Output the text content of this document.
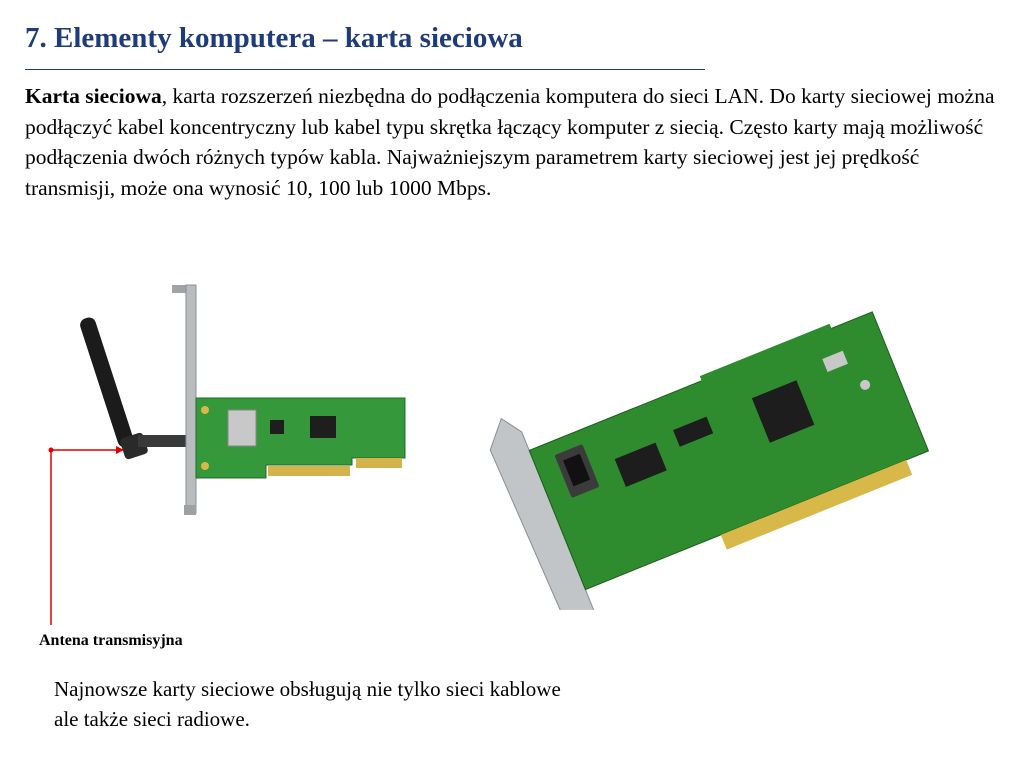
7. Elementy komputera – karta sieciowa
Karta sieciowa, karta rozszerzeń niezbędna do podłączenia komputera do sieci LAN. Do karty sieciowej można podłączyć kabel koncentryczny lub kabel typu skrętka łączący komputer z siecią. Często karty mają możliwość podłączenia dwóch różnych typów kabla. Najważniejszym parametrem karty sieciowej jest jej prędkość transmisji, może ona wynosić 10, 100 lub 1000 Mbps.
Antena transmisyjna
Najnowsze karty sieciowe obsługują nie tylko sieci kablowe ale także sieci radiowe.
